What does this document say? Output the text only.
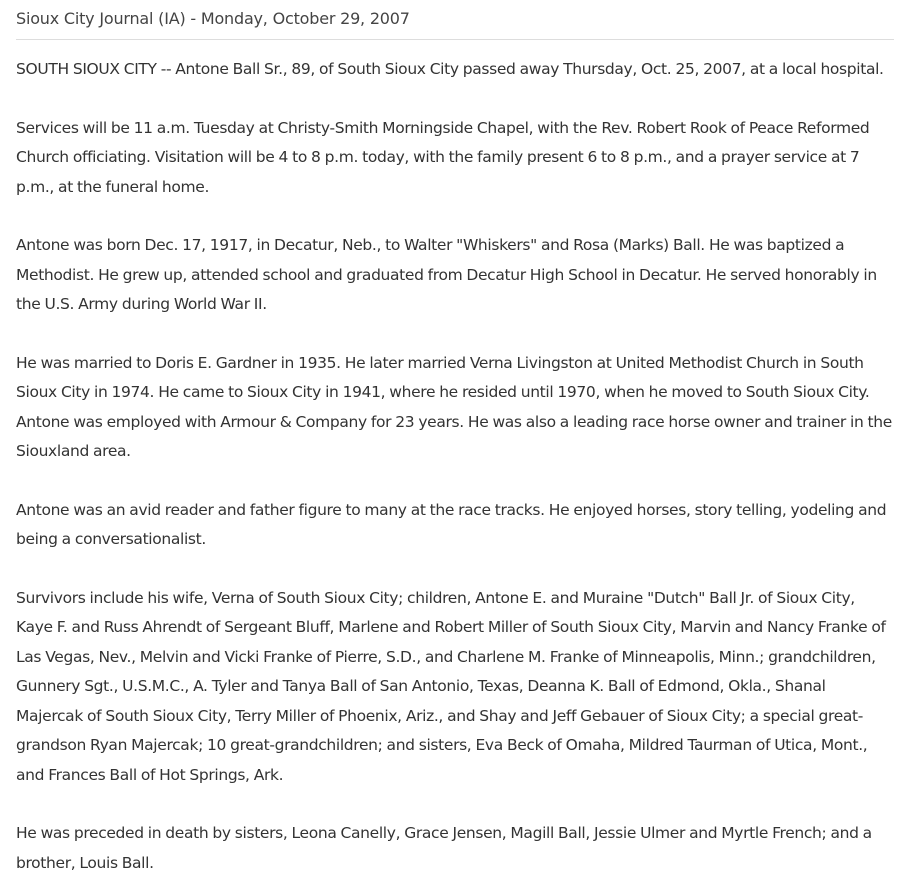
Sioux City Journal (IA) - Monday, October 29, 2007

SOUTH SIOUX CITY -- Antone Ball Sr., 89, of South Sioux City passed away Thursday, Oct. 25, 2007, at a local hospital.

Services will be 11 a.m. Tuesday at Christy-Smith Morningside Chapel, with the Rev. Robert Rook of Peace Reformed Church officiating. Visitation will be 4 to 8 p.m. today, with the family present 6 to 8 p.m., and a prayer service at 7 p.m., at the funeral home.

Antone was born Dec. 17, 1917, in Decatur, Neb., to Walter "Whiskers" and Rosa (Marks) Ball. He was baptized a Methodist. He grew up, attended school and graduated from Decatur High School in Decatur. He served honorably in the U.S. Army during World War II.

He was married to Doris E. Gardner in 1935. He later married Verna Livingston at United Methodist Church in South Sioux City in 1974. He came to Sioux City in 1941, where he resided until 1970, when he moved to South Sioux City. Antone was employed with Armour & Company for 23 years. He was also a leading race horse owner and trainer in the Siouxland area.

Antone was an avid reader and father figure to many at the race tracks. He enjoyed horses, story telling, yodeling and being a conversationalist.

Survivors include his wife, Verna of South Sioux City; children, Antone E. and Muraine "Dutch" Ball Jr. of Sioux City, Kaye F. and Russ Ahrendt of Sergeant Bluff, Marlene and Robert Miller of South Sioux City, Marvin and Nancy Franke of Las Vegas, Nev., Melvin and Vicki Franke of Pierre, S.D., and Charlene M. Franke of Minneapolis, Minn.; grandchildren, Gunnery Sgt., U.S.M.C., A. Tyler and Tanya Ball of San Antonio, Texas, Deanna K. Ball of Edmond, Okla., Shanal Majercak of South Sioux City, Terry Miller of Phoenix, Ariz., and Shay and Jeff Gebauer of Sioux City; a special great-grandson Ryan Majercak; 10 great-grandchildren; and sisters, Eva Beck of Omaha, Mildred Taurman of Utica, Mont., and Frances Ball of Hot Springs, Ark.

He was preceded in death by sisters, Leona Canelly, Grace Jensen, Magill Ball, Jessie Ulmer and Myrtle French; and a brother, Louis Ball.
